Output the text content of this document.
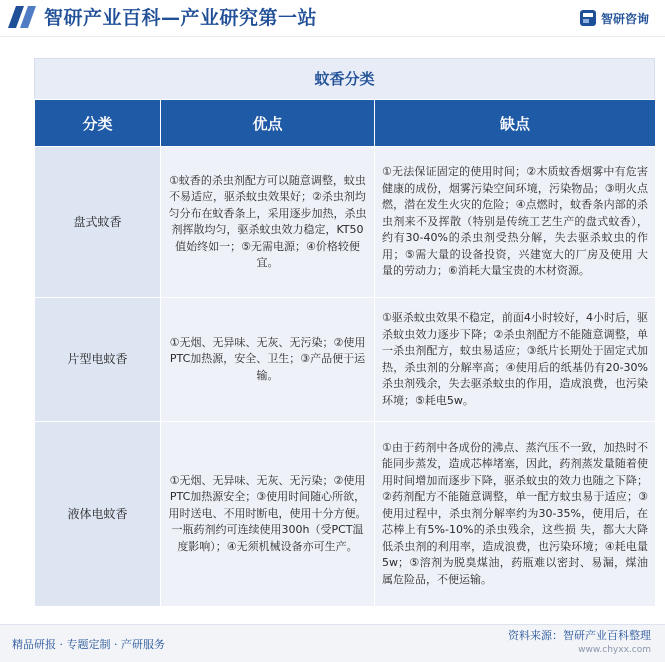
智研产业百科—产业研究第一站	智研咨询
蚊香分类
分类	优点	缺点
盘式蚊香	①蚊香的杀虫剂配方可以随意调整，蚊虫不易适应，驱杀蚊虫效果好；②杀虫剂均匀分布在蚊香条上，采用逐步加热，杀虫剂挥散均匀，驱杀蚊虫效力稳定，KT50值始终如一；⑤无需电源；④价格较便宜。	①无法保证固定的使用时间；②木质蚊香烟雾中有危害健康的成份，烟雾污染空间环境，污染物品；③明火点燃，潜在发生火灾的危险；④点燃时，蚊香条内部的杀虫剂来不及挥散（特别是传统工艺生产的盘式蚊香），约有30-40%的杀虫剂受热分解，失去驱杀蚊虫的作用；⑤需大量的设备投资，兴建宽大的厂房及使用 大量的劳动力；⑥消耗大量宝贵的木材资源。
片型电蚊香	①无烟、无异味、无灰、无污染；②使用PTC加热源，安全、卫生；③产品便于运输。	①驱杀蚊虫效果不稳定，前面4小时较好，4小时后，驱杀蚊虫效力逐步下降；②杀虫剂配方不能随意调整，单一杀虫剂配方，蚊虫易适应；③纸片长期处于固定式加热，杀虫剂的分解率高；④使用后的纸基仍有20-30%杀虫剂残余，失去驱杀蚊虫的作用，造成浪费，也污染环境；⑤耗电5w。
液体电蚊香	①无烟、无异味、无灰、无污染；②使用PTC加热源安全；③使用时间随心所欲，用时送电、不用时断电，使用十分方便。一瓶药剂约可连续使用300h（受PCT温度影响）；④无须机械设备亦可生产。	①由于药剂中各成份的沸点、蒸汽压不一致，加热时不能同步蒸发，造成芯棒堵塞，因此，药剂蒸发量随着使用时间增加而逐步下降，驱杀蚊虫的效力也随之下降；②药剂配方不能随意调整，单一配方蚊虫易于适应；③使用过程中，杀虫剂分解率约为30-35%，使用后，在芯棒上有5%-10%的杀虫残余，这些损 失，都大大降低杀虫剂的利用率，造成浪费，也污染环境；④耗电量5w；⑤溶剂为脱臭煤油，药瓶难以密封、易漏，煤油属危险品，不便运输。
精品研报 · 专题定制 · 产研服务
资料来源：智研产业百科整理
www.chyxx.com
